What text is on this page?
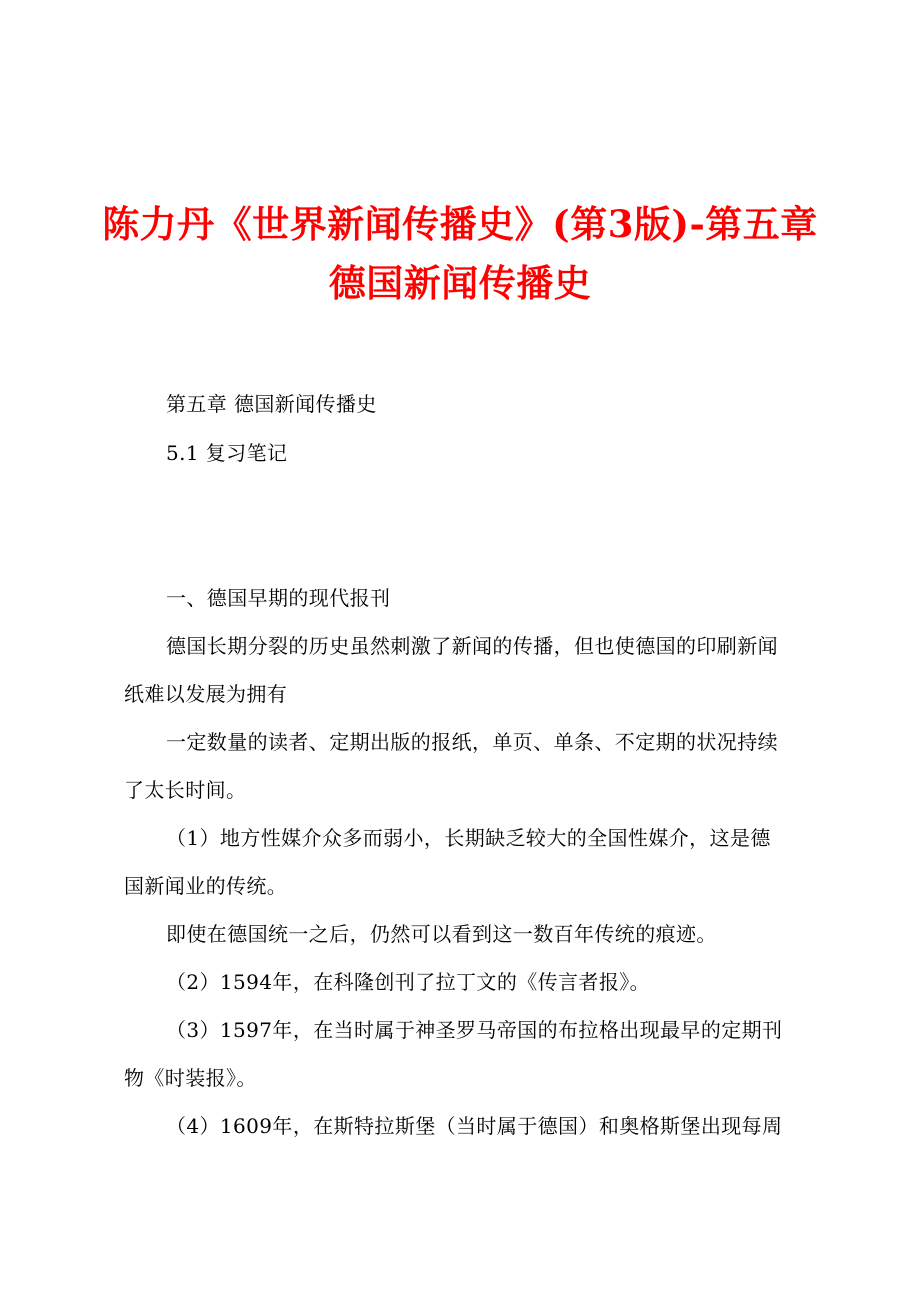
陈力丹《世界新闻传播史》(第3版)-第五章
德国新闻传播史
第五章 德国新闻传播史
5.1 复习笔记
一、德国早期的现代报刊
德国长期分裂的历史虽然刺激了新闻的传播，但也使德国的印刷新闻
纸难以发展为拥有
一定数量的读者、定期出版的报纸，单页、单条、不定期的状况持续
了太长时间。
（1）地方性媒介众多而弱小，长期缺乏较大的全国性媒介，这是德
国新闻业的传统。
即使在德国统一之后，仍然可以看到这一数百年传统的痕迹。
（2）1594年，在科隆创刊了拉丁文的《传言者报》。
（3）1597年，在当时属于神圣罗马帝国的布拉格出现最早的定期刊
物《时装报》。
（4）1609年，在斯特拉斯堡（当时属于德国）和奥格斯堡出现每周
